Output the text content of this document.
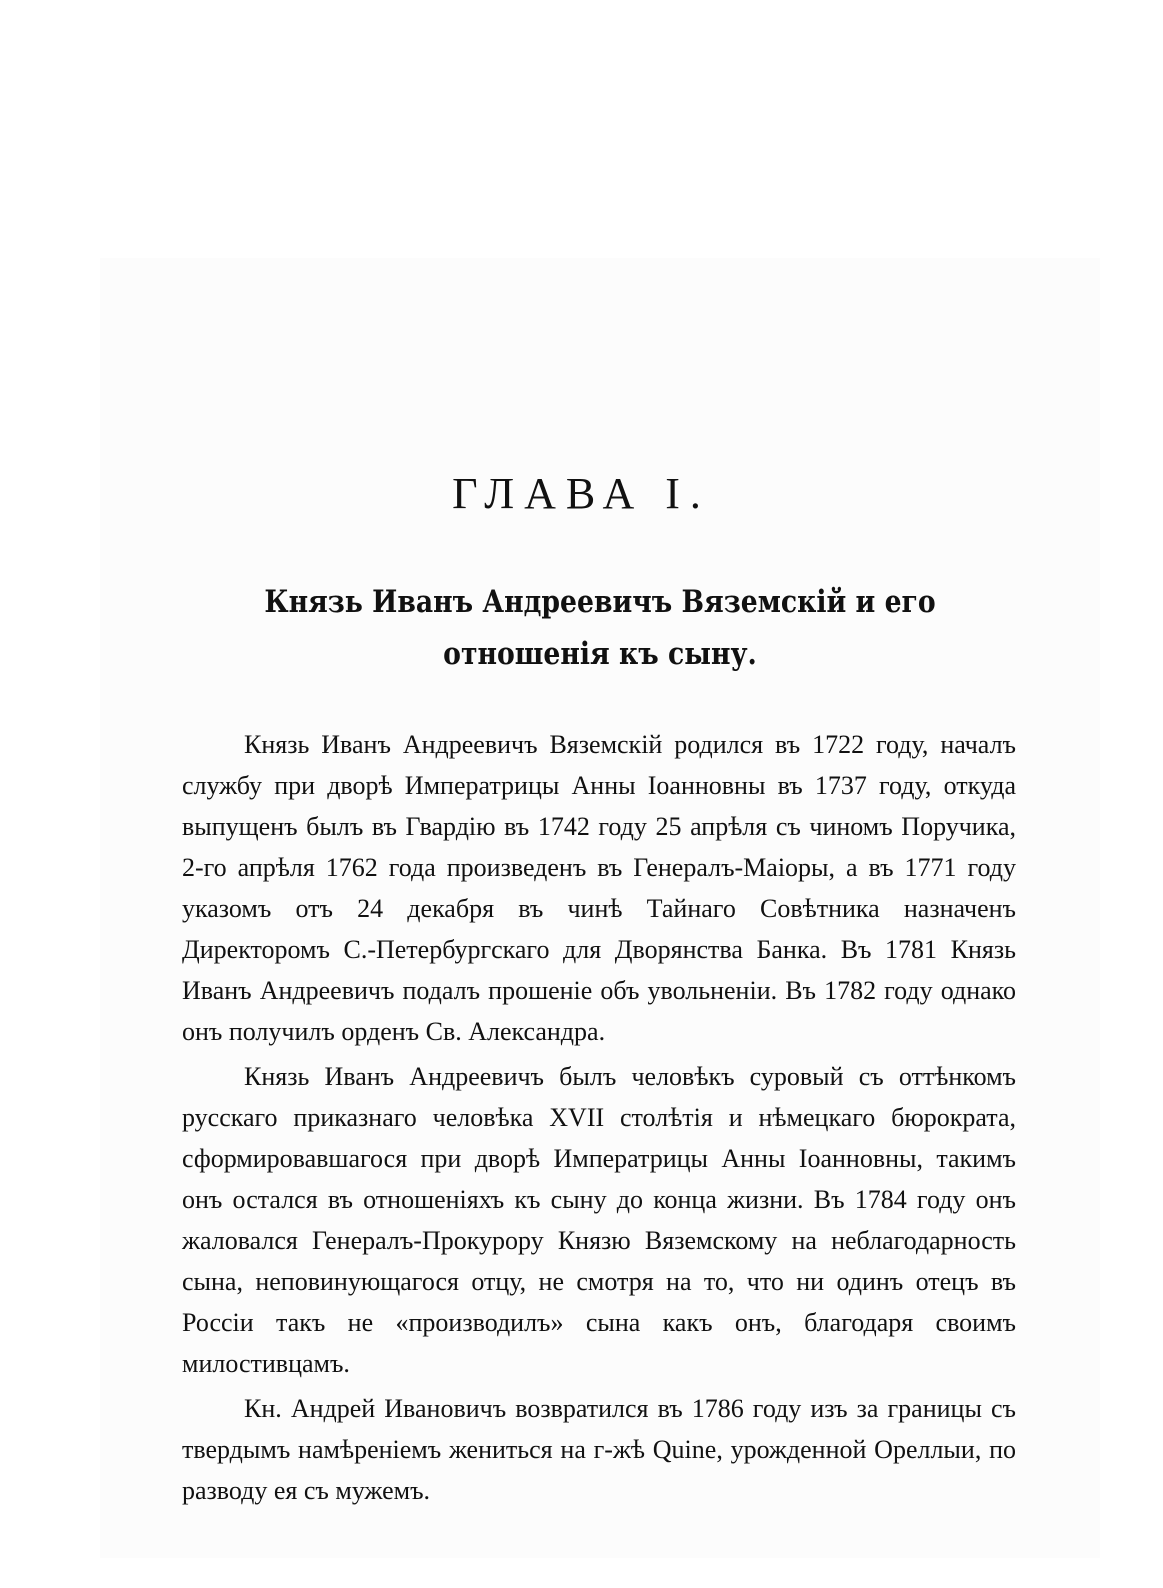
ГЛАВА I.
Князь Иванъ Андреевичъ Вяземскій и его отношенія къ сыну.

Князь Иванъ Андреевичъ Вяземскій родился въ 1722 году, началъ службу при дворѣ Императрицы Анны Іоанновны въ 1737 году, откуда выпущенъ былъ въ Гвардію въ 1742 году 25 апрѣля съ чиномъ Поручика, 2-го апрѣля 1762 года произведенъ въ Генералъ-Маіоры, а въ 1771 году указомъ отъ 24 декабря въ чинѣ Тайнаго Совѣтника назначенъ Директоромъ С.-Петербургскаго для Дворянства Банка. Въ 1781 Князь Иванъ Андреевичъ подалъ прошеніе объ увольненіи. Въ 1782 году однако онъ получилъ орденъ Св. Александра.

Князь Иванъ Андреевичъ былъ человѣкъ суровый съ оттѣнкомъ русскаго приказнаго человѣка XVII столѣтія и нѣмецкаго бюрократа, сформировавшагося при дворѣ Императрицы Анны Іоанновны, такимъ онъ остался въ отношеніяхъ къ сыну до конца жизни. Въ 1784 году онъ жаловался Генералъ-Прокурору Князю Вяземскому на неблагодарность сына, неповинующагося отцу, не смотря на то, что ни одинъ отецъ въ Россіи такъ не «производилъ» сына какъ онъ, благодаря своимъ милостивцамъ.

Кн. Андрей Ивановичъ возвратился въ 1786 году изъ за границы съ твердымъ намѣреніемъ жениться на г-жѣ Quine, урожденной Ореллыи, по разводу ея съ мужемъ.
